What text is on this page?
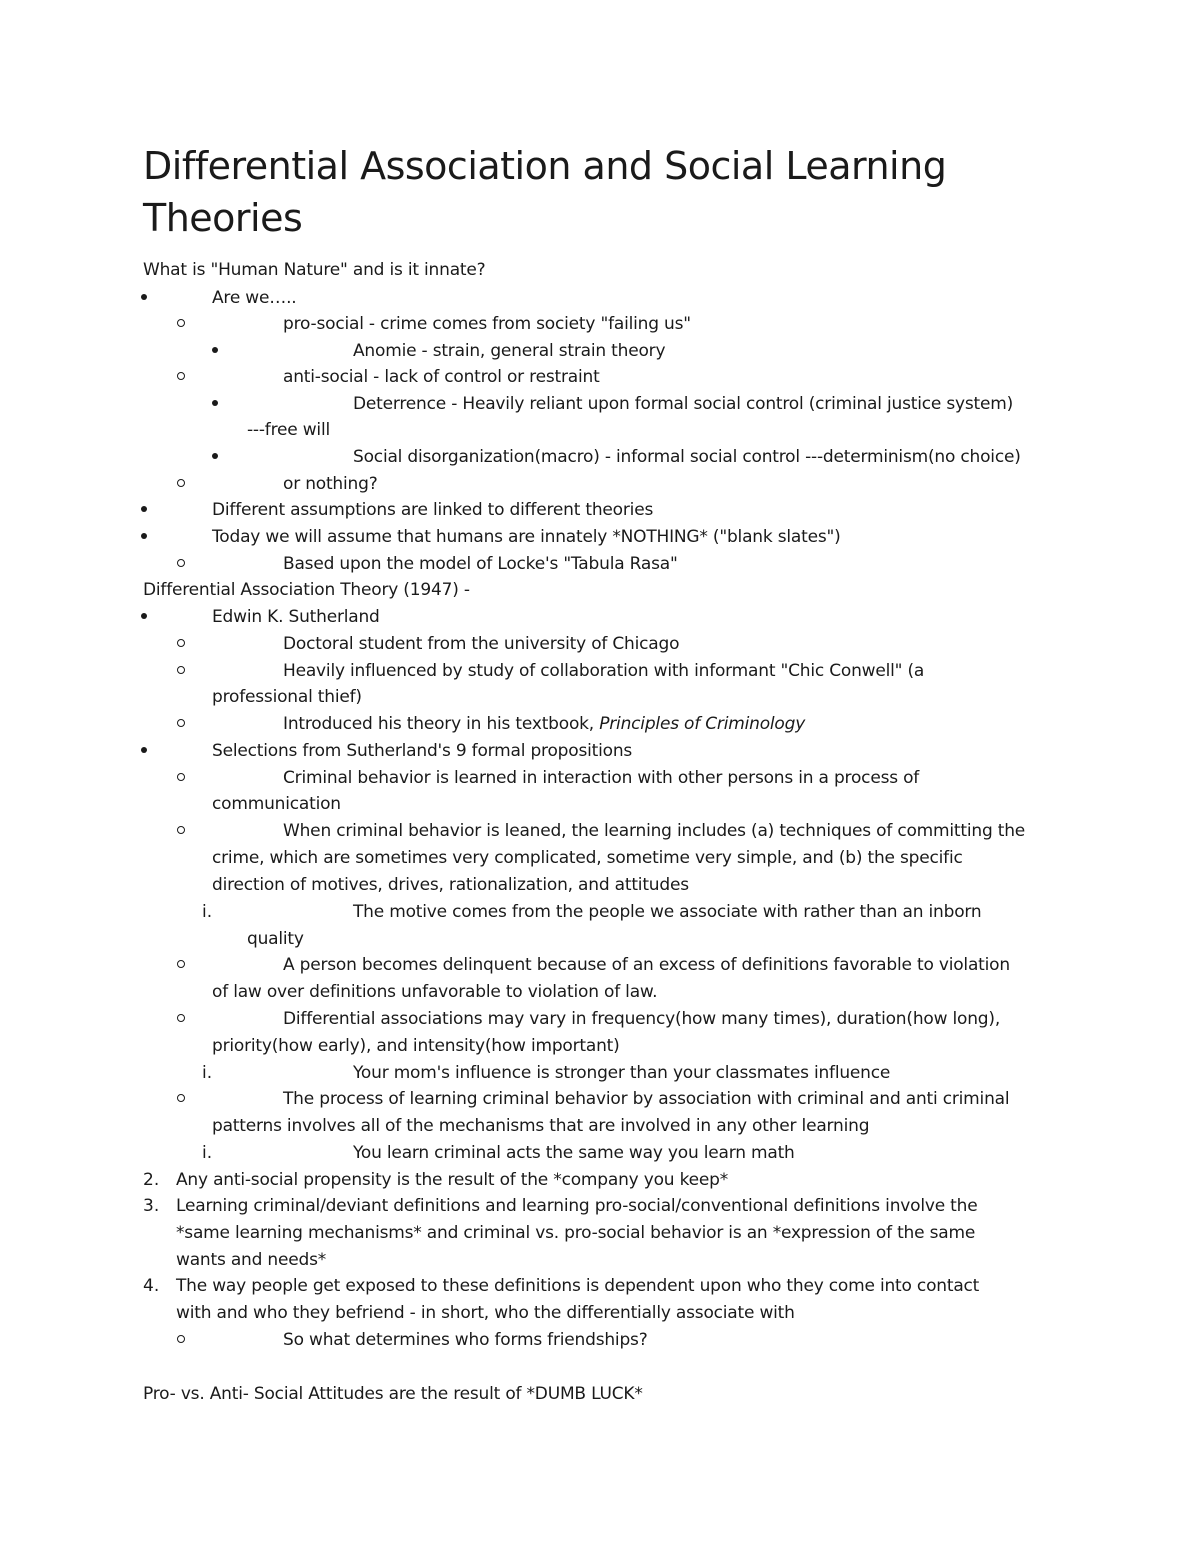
Differential Association and Social Learning Theories
What is "Human Nature" and is it innate?
Are we…..
pro-social - crime comes from society "failing us"
Anomie - strain, general strain theory
anti-social - lack of control or restraint
Deterrence - Heavily reliant upon formal social control (criminal justice system)
---free will
Social disorganization(macro) - informal social control ---determinism(no choice)
or nothing?
Different assumptions are linked to different theories
Today we will assume that humans are innately *NOTHING* ("blank slates")
Based upon the model of Locke's "Tabula Rasa"
Differential Association Theory (1947) -
Edwin K. Sutherland
Doctoral student from the university of Chicago
Heavily influenced by study of collaboration with informant "Chic Conwell" (a
professional thief)
Introduced his theory in his textbook, Principles of Criminology
Selections from Sutherland's 9 formal propositions
Criminal behavior is learned in interaction with other persons in a process of
communication
When criminal behavior is leaned, the learning includes (a) techniques of committing the
crime, which are sometimes very complicated, sometime very simple, and (b) the specific
direction of motives, drives, rationalization, and attitudes
i.	The motive comes from the people we associate with rather than an inborn
quality
A person becomes delinquent because of an excess of definitions favorable to violation
of law over definitions unfavorable to violation of law.
Differential associations may vary in frequency(how many times), duration(how long),
priority(how early), and intensity(how important)
i.	Your mom's influence is stronger than your classmates influence
The process of learning criminal behavior by association with criminal and anti criminal
patterns involves all of the mechanisms that are involved in any other learning
i.	You learn criminal acts the same way you learn math
2. Any anti-social propensity is the result of the *company you keep*
3. Learning criminal/deviant definitions and learning pro-social/conventional definitions involve the
*same learning mechanisms* and criminal vs. pro-social behavior is an *expression of the same
wants and needs*
4. The way people get exposed to these definitions is dependent upon who they come into contact
with and who they befriend - in short, who the differentially associate with
So what determines who forms friendships?
Pro- vs. Anti- Social Attitudes are the result of *DUMB LUCK*
